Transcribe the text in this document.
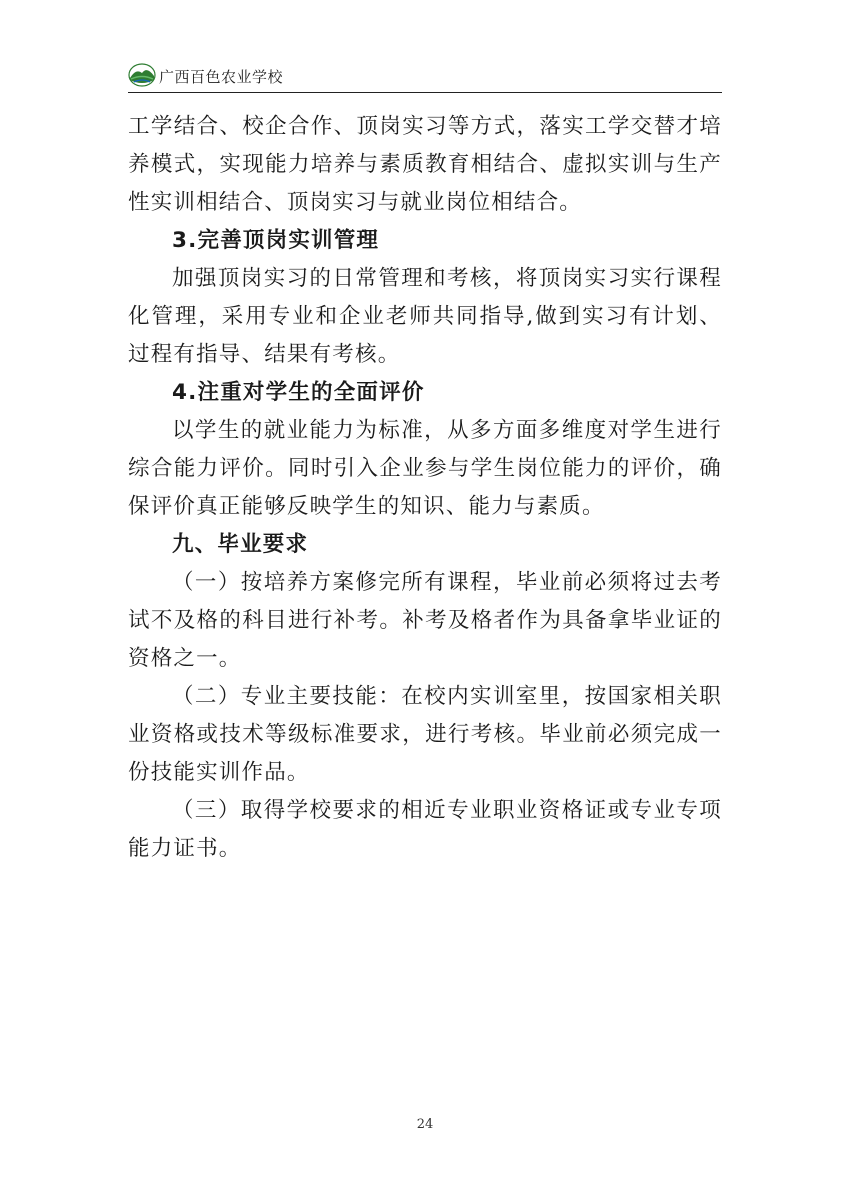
广西百色农业学校

工学结合、校企合作、顶岗实习等方式，落实工学交替才培养模式，实现能力培养与素质教育相结合、虚拟实训与生产性实训相结合、顶岗实习与就业岗位相结合。

3.完善顶岗实训管理

加强顶岗实习的日常管理和考核，将顶岗实习实行课程化管理，采用专业和企业老师共同指导,做到实习有计划、过程有指导、结果有考核。

4.注重对学生的全面评价

以学生的就业能力为标准，从多方面多维度对学生进行综合能力评价。同时引入企业参与学生岗位能力的评价，确保评价真正能够反映学生的知识、能力与素质。

九、毕业要求

（一）按培养方案修完所有课程，毕业前必须将过去考试不及格的科目进行补考。补考及格者作为具备拿毕业证的资格之一。

（二）专业主要技能：在校内实训室里，按国家相关职业资格或技术等级标准要求，进行考核。毕业前必须完成一份技能实训作品。

（三）取得学校要求的相近专业职业资格证或专业专项能力证书。

24
